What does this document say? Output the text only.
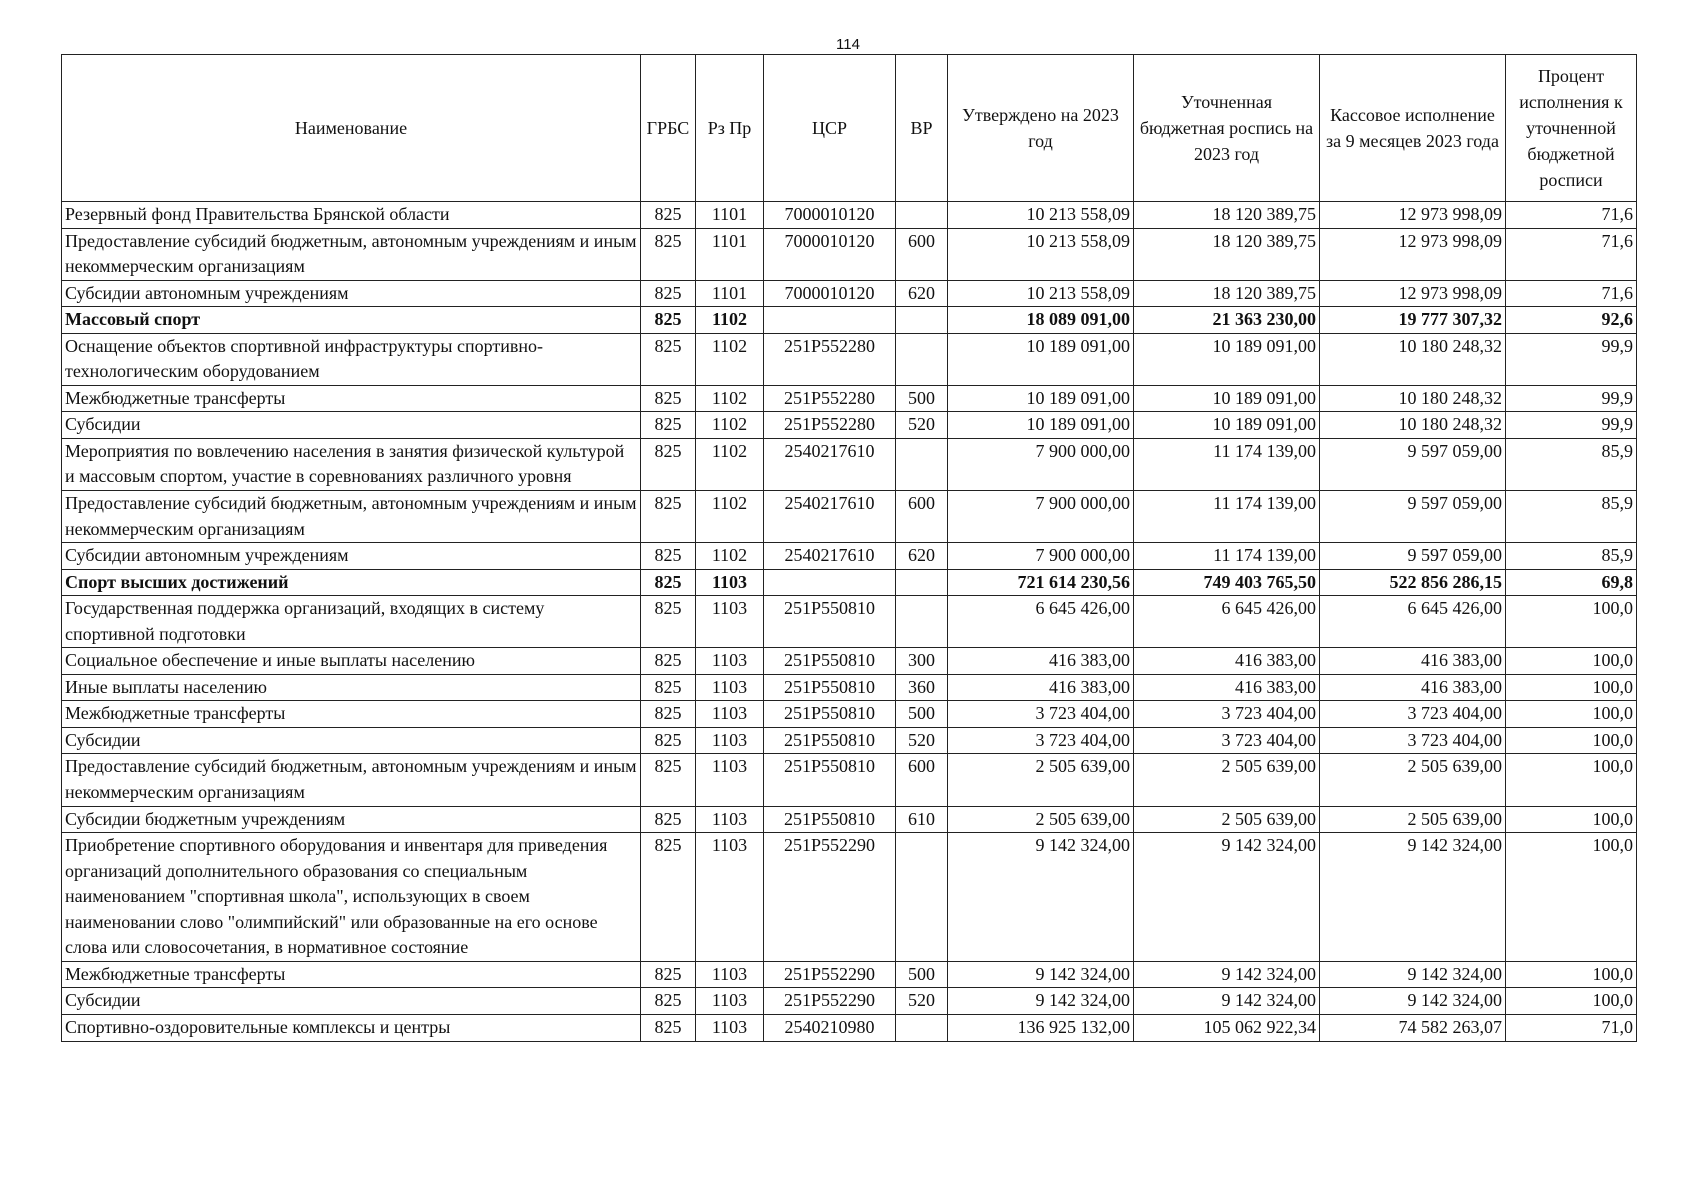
114
Наименование	ГРБС	Рз Пр	ЦСР	ВР	Утверждено на 2023 год	Уточненная бюджетная роспись на 2023 год	Кассовое исполнение за 9 месяцев 2023 года	Процент исполнения к уточненной бюджетной росписи
Резервный фонд Правительства Брянской области	825	1101	7000010120		10 213 558,09	18 120 389,75	12 973 998,09	71,6
Предоставление субсидий бюджетным, автономным учреждениям и иным некоммерческим организациям	825	1101	7000010120	600	10 213 558,09	18 120 389,75	12 973 998,09	71,6
Субсидии автономным учреждениям	825	1101	7000010120	620	10 213 558,09	18 120 389,75	12 973 998,09	71,6
Массовый спорт	825	1102			18 089 091,00	21 363 230,00	19 777 307,32	92,6
Оснащение объектов спортивной инфраструктуры спортивно-технологическим оборудованием	825	1102	251P552280		10 189 091,00	10 189 091,00	10 180 248,32	99,9
Межбюджетные трансферты	825	1102	251P552280	500	10 189 091,00	10 189 091,00	10 180 248,32	99,9
Субсидии	825	1102	251P552280	520	10 189 091,00	10 189 091,00	10 180 248,32	99,9
Мероприятия по вовлечению населения в занятия физической культурой и массовым спортом, участие в соревнованиях различного уровня	825	1102	2540217610		7 900 000,00	11 174 139,00	9 597 059,00	85,9
Предоставление субсидий бюджетным, автономным учреждениям и иным некоммерческим организациям	825	1102	2540217610	600	7 900 000,00	11 174 139,00	9 597 059,00	85,9
Субсидии автономным учреждениям	825	1102	2540217610	620	7 900 000,00	11 174 139,00	9 597 059,00	85,9
Спорт высших достижений	825	1103			721 614 230,56	749 403 765,50	522 856 286,15	69,8
Государственная поддержка организаций, входящих в систему спортивной подготовки	825	1103	251P550810		6 645 426,00	6 645 426,00	6 645 426,00	100,0
Социальное обеспечение и иные выплаты населению	825	1103	251P550810	300	416 383,00	416 383,00	416 383,00	100,0
Иные выплаты населению	825	1103	251P550810	360	416 383,00	416 383,00	416 383,00	100,0
Межбюджетные трансферты	825	1103	251P550810	500	3 723 404,00	3 723 404,00	3 723 404,00	100,0
Субсидии	825	1103	251P550810	520	3 723 404,00	3 723 404,00	3 723 404,00	100,0
Предоставление субсидий бюджетным, автономным учреждениям и иным некоммерческим организациям	825	1103	251P550810	600	2 505 639,00	2 505 639,00	2 505 639,00	100,0
Субсидии бюджетным учреждениям	825	1103	251P550810	610	2 505 639,00	2 505 639,00	2 505 639,00	100,0
Приобретение спортивного оборудования и инвентаря для приведения организаций дополнительного образования со специальным наименованием "спортивная школа", использующих в своем наименовании слово "олимпийский" или образованные на его основе слова или словосочетания, в нормативное состояние	825	1103	251P552290		9 142 324,00	9 142 324,00	9 142 324,00	100,0
Межбюджетные трансферты	825	1103	251P552290	500	9 142 324,00	9 142 324,00	9 142 324,00	100,0
Субсидии	825	1103	251P552290	520	9 142 324,00	9 142 324,00	9 142 324,00	100,0
Спортивно-оздоровительные комплексы и центры	825	1103	2540210980		136 925 132,00	105 062 922,34	74 582 263,07	71,0
